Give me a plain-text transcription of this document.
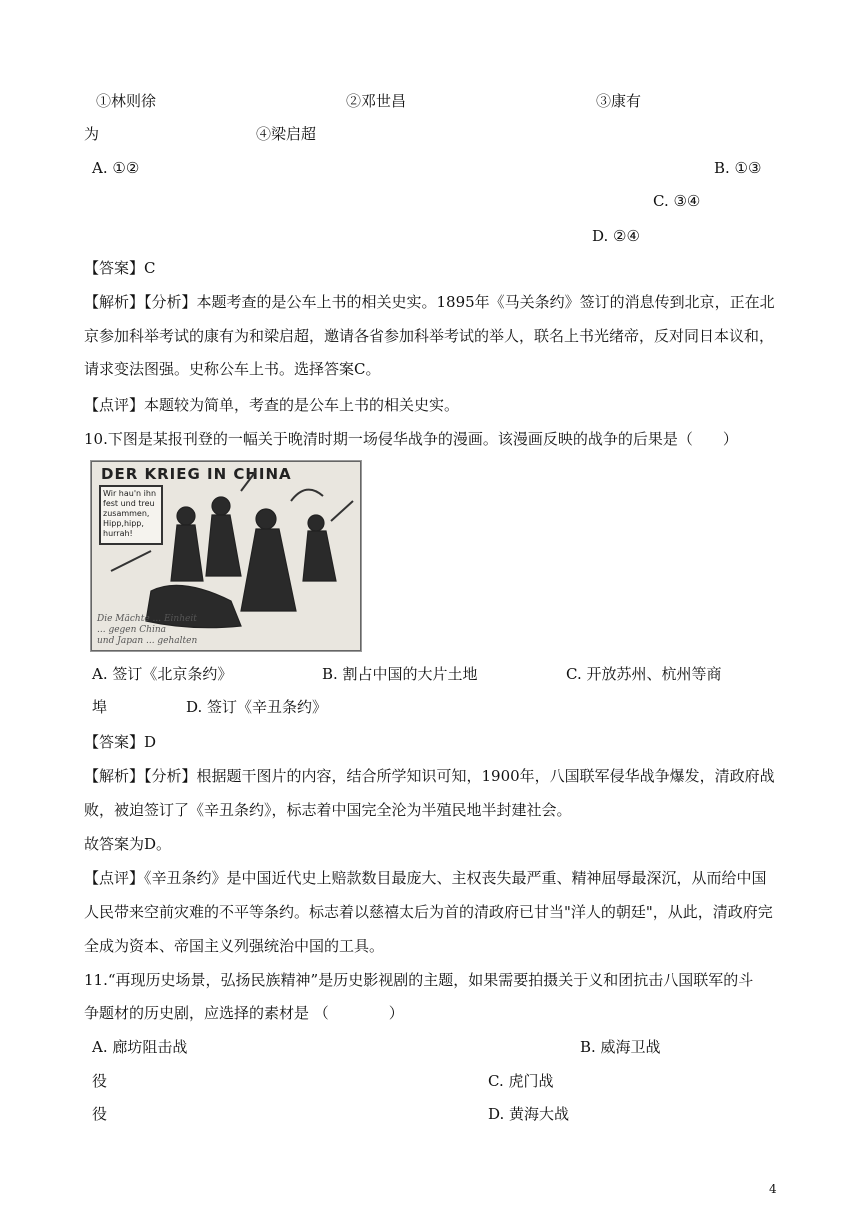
①林则徐	②邓世昌	③康有
为	④梁启超
A. ①②	B. ①③
C. ③④
D. ②④
【答案】C
【解析】【分析】本题考查的是公车上书的相关史实。1895年《马关条约》签订的消息传到北京，正在北
京参加科举考试的康有为和梁启超，邀请各省参加科举考试的举人，联名上书光绪帝，反对同日本议和，
请求变法图强。史称公车上书。选择答案C。
【点评】本题较为简单，考查的是公车上书的相关史实。
10.下图是某报刊登的一幅关于晚清时期一场侵华战争的漫画。该漫画反映的战争的后果是（　　）
DER KRIEG IN CHINA
Wir hau'n ihn
fest und treu
zusammen,
Hipp,hipp,
hurrah!
Die Mächte ... Einheit
... gegen China
und Japan ... gehalten
A. 签订《北京条约》	B. 割占中国的大片土地	C. 开放苏州、杭州等商
埠	D. 签订《辛丑条约》
【答案】D
【解析】【分析】根据题干图片的内容，结合所学知识可知，1900年，八国联军侵华战争爆发，清政府战
败，被迫签订了《辛丑条约》，标志着中国完全沦为半殖民地半封建社会。
故答案为D。
【点评】《辛丑条约》是中国近代史上赔款数目最庞大、主权丧失最严重、精神屈辱最深沉，从而给中国
人民带来空前灾难的不平等条约。标志着以慈禧太后为首的清政府已甘当"洋人的朝廷"，从此，清政府完
全成为资本、帝国主义列强统治中国的工具。
11.“再现历史场景，弘扬民族精神”是历史影视剧的主题，如果需要拍摄关于义和团抗击八国联军的斗
争题材的历史剧，应选择的素材是 （　　　　）
A. 廊坊阻击战	B. 威海卫战
役	C. 虎门战
役	D. 黄海大战
4
